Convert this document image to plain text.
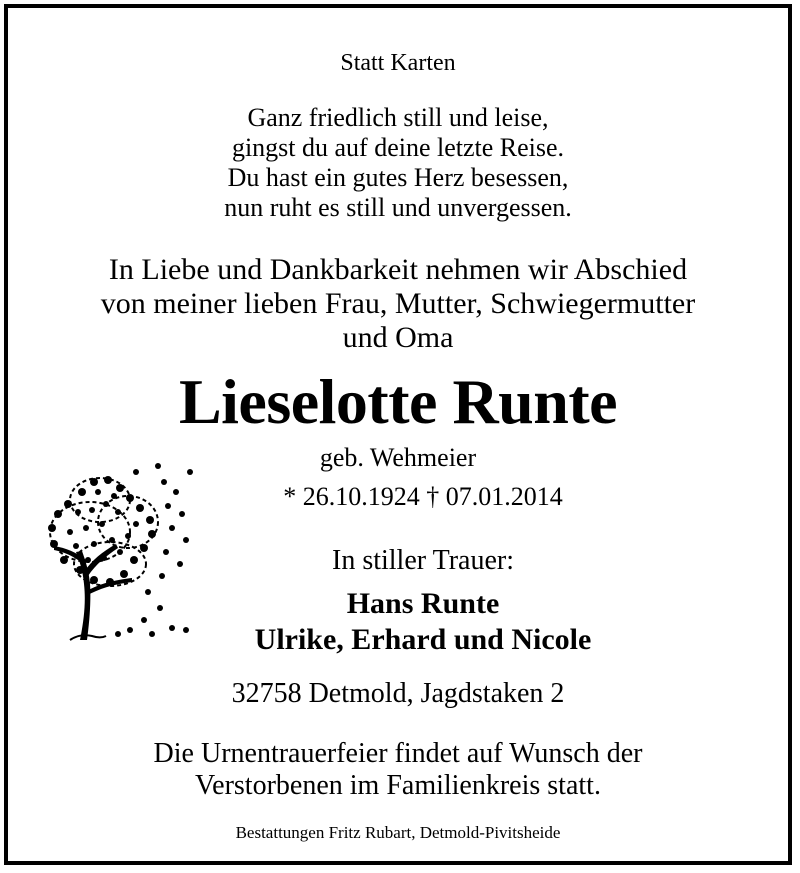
Statt Karten
Ganz friedlich still und leise,
gingst du auf deine letzte Reise.
Du hast ein gutes Herz besessen,
nun ruht es still und unvergessen.
In Liebe und Dankbarkeit nehmen wir Abschied
von meiner lieben Frau, Mutter, Schwiegermutter
und Oma
Lieselotte Runte
geb. Wehmeier
* 26.10.1924 † 07.01.2014
In stiller Trauer:
Hans Runte
Ulrike, Erhard und Nicole
32758 Detmold, Jagdstaken 2
Die Urnentrauerfeier findet auf Wunsch der
Verstorbenen im Familienkreis statt.
Bestattungen Fritz Rubart, Detmold-Pivitsheide
